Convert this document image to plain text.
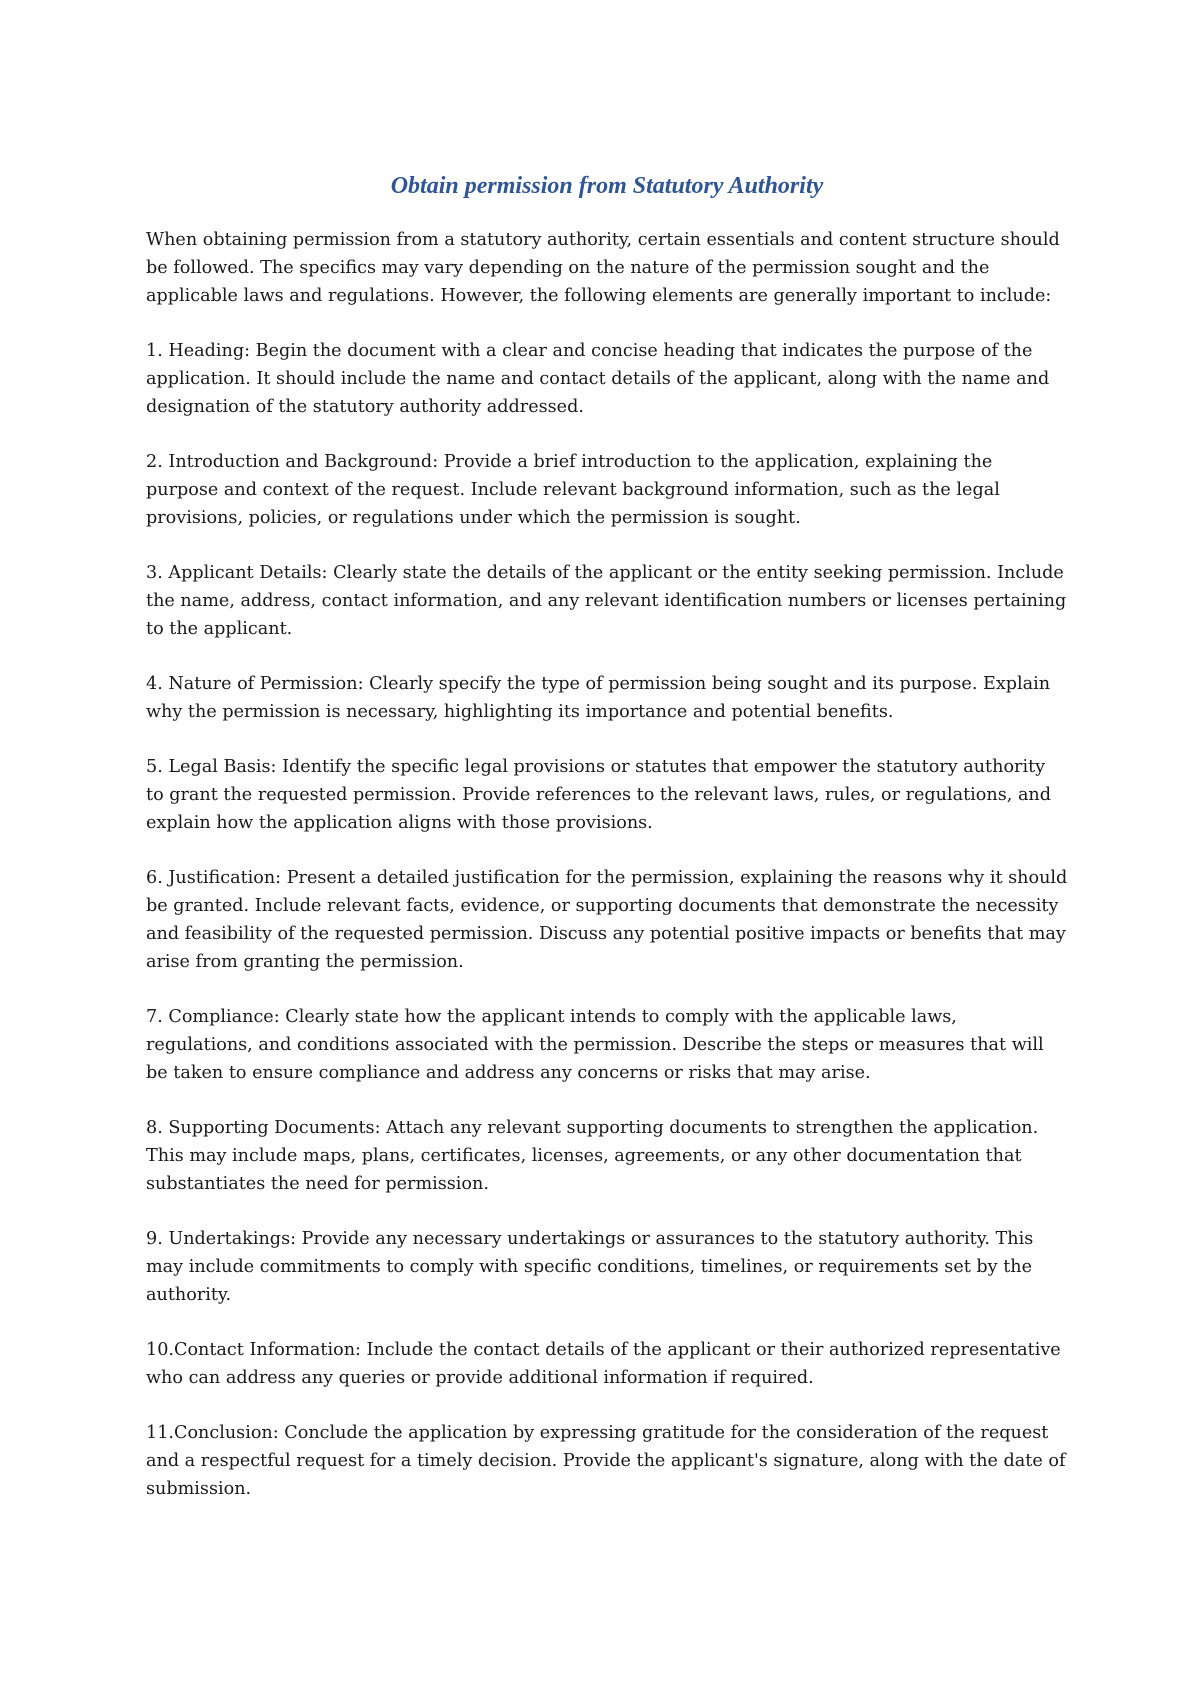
Obtain permission from Statutory Authority

When obtaining permission from a statutory authority, certain essentials and content structure should be followed. The specifics may vary depending on the nature of the permission sought and the applicable laws and regulations. However, the following elements are generally important to include:

1. Heading: Begin the document with a clear and concise heading that indicates the purpose of the application. It should include the name and contact details of the applicant, along with the name and designation of the statutory authority addressed.

2. Introduction and Background: Provide a brief introduction to the application, explaining the purpose and context of the request. Include relevant background information, such as the legal provisions, policies, or regulations under which the permission is sought.

3. Applicant Details: Clearly state the details of the applicant or the entity seeking permission. Include the name, address, contact information, and any relevant identification numbers or licenses pertaining to the applicant.

4. Nature of Permission: Clearly specify the type of permission being sought and its purpose. Explain why the permission is necessary, highlighting its importance and potential benefits.

5. Legal Basis: Identify the specific legal provisions or statutes that empower the statutory authority to grant the requested permission. Provide references to the relevant laws, rules, or regulations, and explain how the application aligns with those provisions.

6. Justification: Present a detailed justification for the permission, explaining the reasons why it should be granted. Include relevant facts, evidence, or supporting documents that demonstrate the necessity and feasibility of the requested permission. Discuss any potential positive impacts or benefits that may arise from granting the permission.

7. Compliance: Clearly state how the applicant intends to comply with the applicable laws, regulations, and conditions associated with the permission. Describe the steps or measures that will be taken to ensure compliance and address any concerns or risks that may arise.

8. Supporting Documents: Attach any relevant supporting documents to strengthen the application. This may include maps, plans, certificates, licenses, agreements, or any other documentation that substantiates the need for permission.

9. Undertakings: Provide any necessary undertakings or assurances to the statutory authority. This may include commitments to comply with specific conditions, timelines, or requirements set by the authority.

10.Contact Information: Include the contact details of the applicant or their authorized representative who can address any queries or provide additional information if required.

11.Conclusion: Conclude the application by expressing gratitude for the consideration of the request and a respectful request for a timely decision. Provide the applicant's signature, along with the date of submission.
